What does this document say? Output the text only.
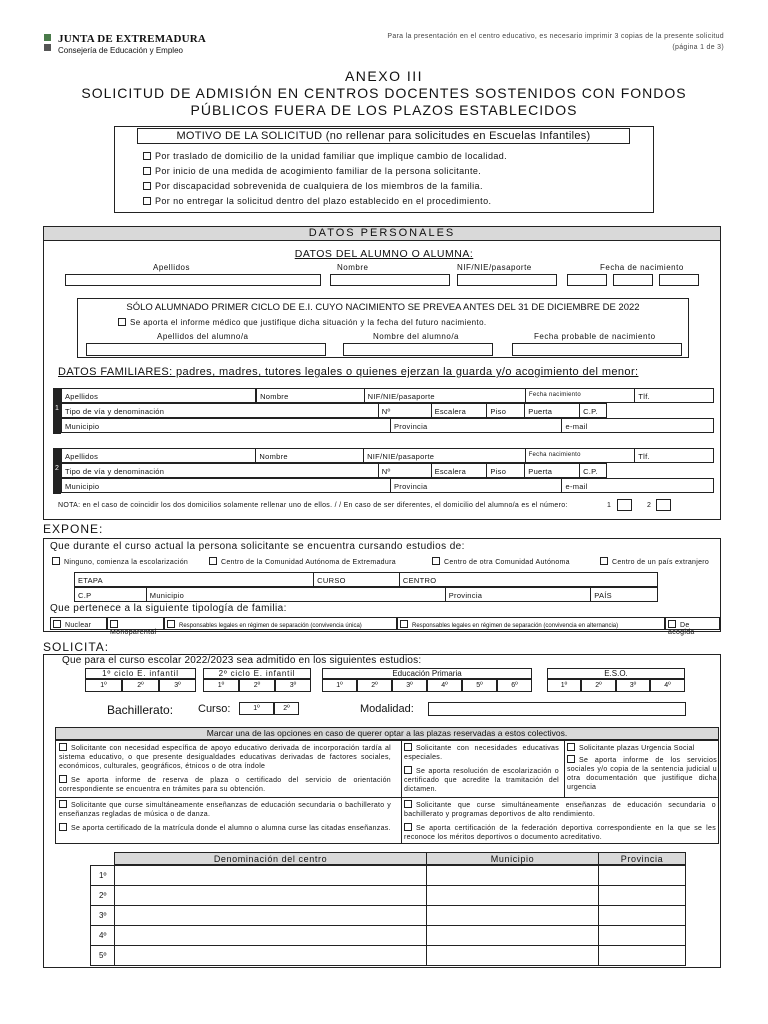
JUNTA DE EXTREMADURA
Consejería de Educación y Empleo
Para la presentación en el centro educativo, es necesario imprimir 3 copias de la presente solicitud
(página 1 de 3)
ANEXO III
SOLICITUD DE ADMISIÓN EN CENTROS DOCENTES SOSTENIDOS CON FONDOS
PÚBLICOS FUERA DE LOS PLAZOS ESTABLECIDOS
MOTIVO DE LA SOLICITUD (no rellenar para solicitudes en Escuelas Infantiles)
Por traslado de domicilio de la unidad familiar que implique cambio de localidad.
Por inicio de una medida de acogimiento familiar de la persona solicitante.
Por discapacidad sobrevenida de cualquiera de los miembros de la familia.
Por no entregar la solicitud dentro del plazo establecido en el procedimiento.
DATOS PERSONALES
DATOS DEL ALUMNO O ALUMNA:
Apellidos	Nombre	NIF/NIE/pasaporte	Fecha de nacimiento
SÓLO ALUMNADO PRIMER CICLO DE E.I. CUYO NACIMIENTO SE PREVEA ANTES DEL 31 DE DICIEMBRE DE 2022
Se aporta el informe médico que justifique dicha situación y la fecha del futuro nacimiento.
Apellidos del alumno/a	Nombre del alumno/a	Fecha probable de nacimiento
DATOS FAMILIARES: padres, madres, tutores legales o quienes ejerzan la guarda y/o acogimiento del menor:
1
Apellidos	Nombre	NIF/NIE/pasaporte	Fecha nacimiento	Tlf.
Tipo de vía y denominación	Nº	Escalera	Piso	Puerta	C.P.
Municipio	Provincia	e-mail
2
Apellidos	Nombre	NIF/NIE/pasaporte	Fecha nacimiento	Tlf.
Tipo de vía y denominación	Nº	Escalera	Piso	Puerta	C.P.
Municipio	Provincia	e-mail
NOTA: en el caso de coincidir los dos domicilios solamente rellenar uno de ellos. / / En caso de ser diferentes, el domicilio del alumno/a es el número:	1	2
EXPONE:
Que durante el curso actual la persona solicitante se encuentra cursando estudios de:
Ninguno, comienza la escolarización	Centro de la Comunidad Autónoma de Extremadura	Centro de otra Comunidad Autónoma	Centro de un país extranjero
ETAPA	CURSO	CENTRO
C.P	Municipio	Provincia	PAÍS
Que pertenece a la siguiente tipología de familia:
Nuclear
Monoparental
Responsables legales en régimen de separación (convivencia única)	Responsables legales en régimen de separación (convivencia en alternancia)	De acogida
SOLICITA:
Que para el curso escolar 2022/2023 sea admitido en los siguientes estudios:
1º ciclo E. infantil
1º	2º	3º
2º ciclo E. infantil
1º	2º	3º
Educación Primaria
1º	2º	3º	4º	5º	6º
E.S.O.
1º	2º	3º	4º
Bachillerato: Curso:	1º	2º	Modalidad:
Marcar una de las opciones en caso de querer optar a las plazas reservadas a estos colectivos.
Solicitante con necesidad específica de apoyo educativo derivada de incorporación tardía al sistema educativo, o que presente desigualdades educativas derivadas de factores sociales, económicos, culturales, geográficos, étnicos o de otra índole
Se aporta informe de reserva de plaza o certificado del servicio de orientación correspondiente se encuentra en trámites para su obtención.
Solicitante con necesidades educativas especiales.
Se aporta resolución de escolarización o certificado que acredite la tramitación del dictamen.
Solicitante plazas Urgencia Social
Se aporta informe de los servicios sociales y/o copia de la sentencia judicial u otra documentación que justifique dicha urgencia
Solicitante que curse simultáneamente enseñanzas de educación secundaria o bachillerato y enseñanzas regladas de música o de danza.
Se aporta certificado de la matrícula donde el alumno o alumna curse las citadas enseñanzas.
Solicitante que curse simultáneamente enseñanzas de educación secundaria o bachillerato y programas deportivos de alto rendimiento.
Se aporta certificación de la federación deportiva correspondiente en la que se les reconoce los méritos deportivos o documento acreditativo.
Denominación del centro	Municipio	Provincia
1º
2º
3º
4º
5º
